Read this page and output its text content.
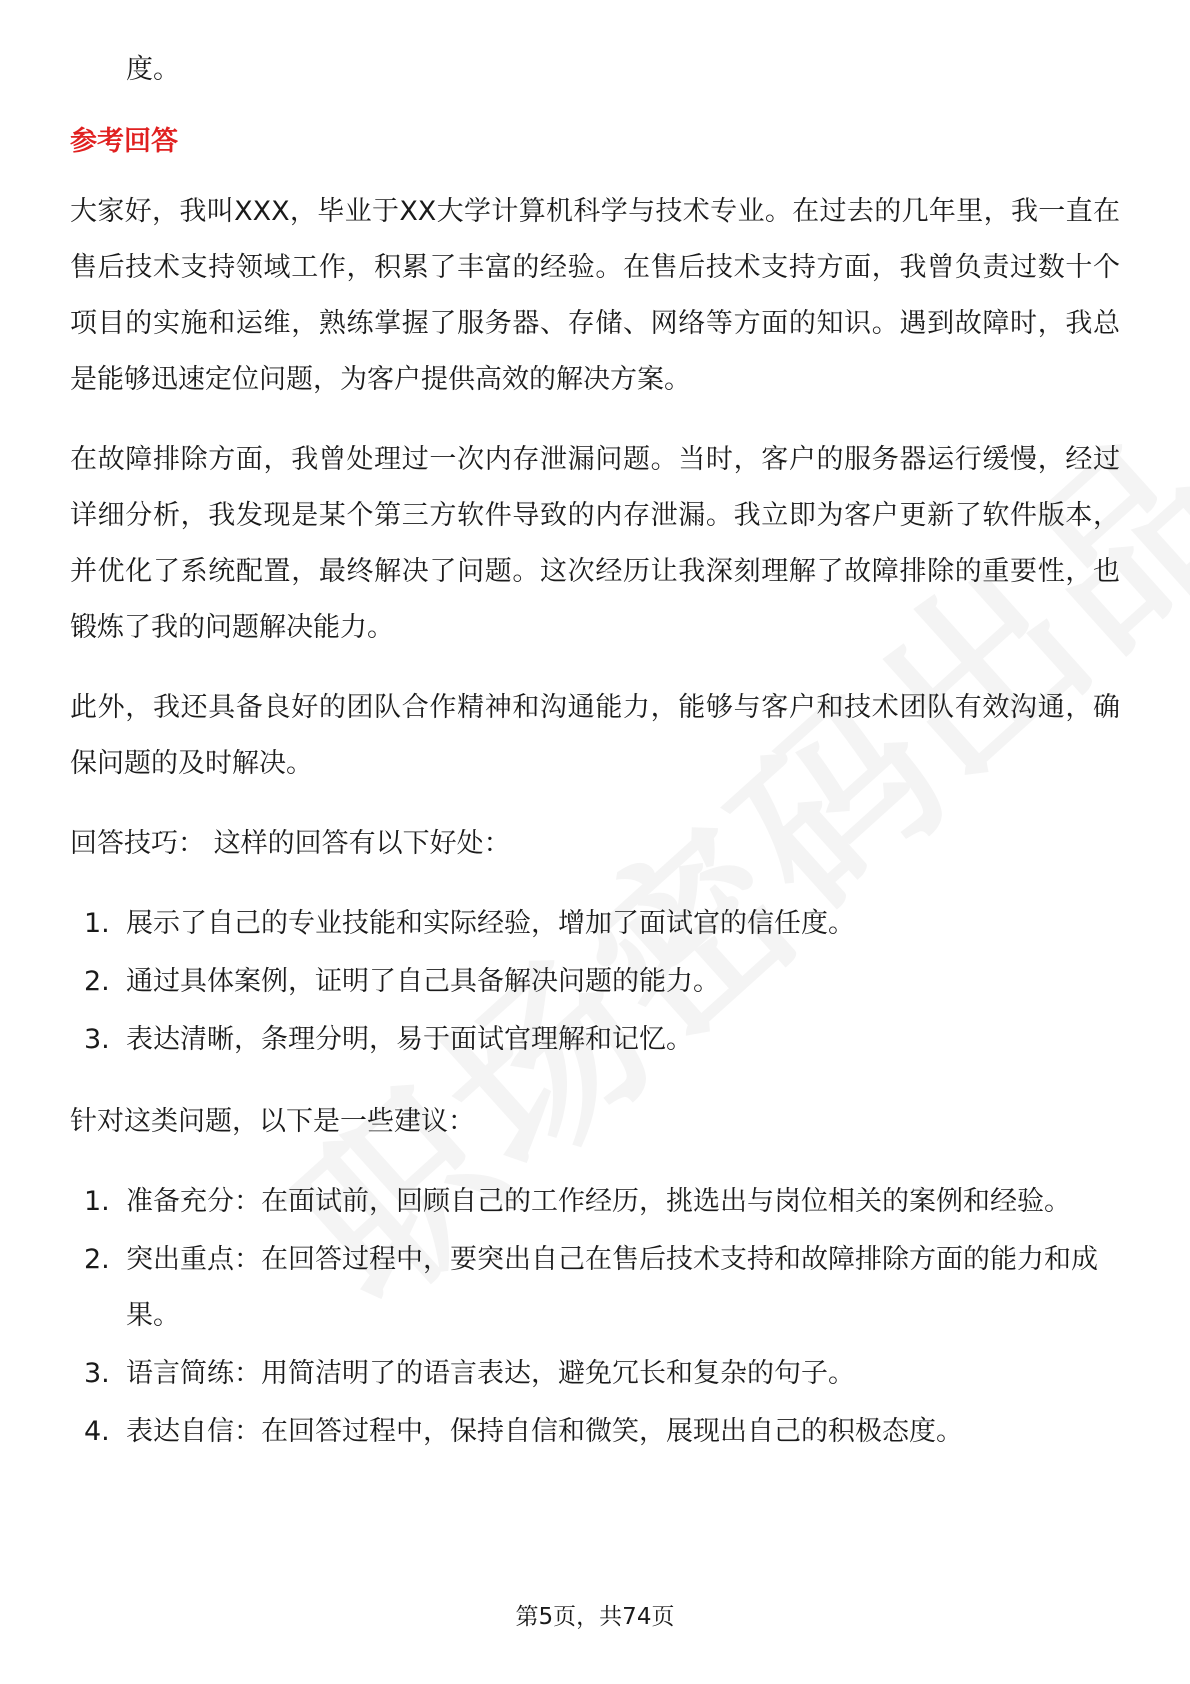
度。

参考回答

大家好，我叫XXX，毕业于XX大学计算机科学与技术专业。在过去的几年里，我一直在售后技术支持领域工作，积累了丰富的经验。在售后技术支持方面，我曾负责过数十个项目的实施和运维，熟练掌握了服务器、存储、网络等方面的知识。遇到故障时，我总是能够迅速定位问题，为客户提供高效的解决方案。

在故障排除方面，我曾处理过一次内存泄漏问题。当时，客户的服务器运行缓慢，经过详细分析，我发现是某个第三方软件导致的内存泄漏。我立即为客户更新了软件版本，并优化了系统配置，最终解决了问题。这次经历让我深刻理解了故障排除的重要性，也锻炼了我的问题解决能力。

此外，我还具备良好的团队合作精神和沟通能力，能够与客户和技术团队有效沟通，确保问题的及时解决。

回答技巧： 这样的回答有以下好处：

1. 展示了自己的专业技能和实际经验，增加了面试官的信任度。
2. 通过具体案例，证明了自己具备解决问题的能力。
3. 表达清晰，条理分明，易于面试官理解和记忆。

针对这类问题，以下是一些建议：

1. 准备充分：在面试前，回顾自己的工作经历，挑选出与岗位相关的案例和经验。
2. 突出重点：在回答过程中，要突出自己在售后技术支持和故障排除方面的能力和成果。
3. 语言简练：用简洁明了的语言表达，避免冗长和复杂的句子。
4. 表达自信：在回答过程中，保持自信和微笑，展现出自己的积极态度。
第5页，共74页
